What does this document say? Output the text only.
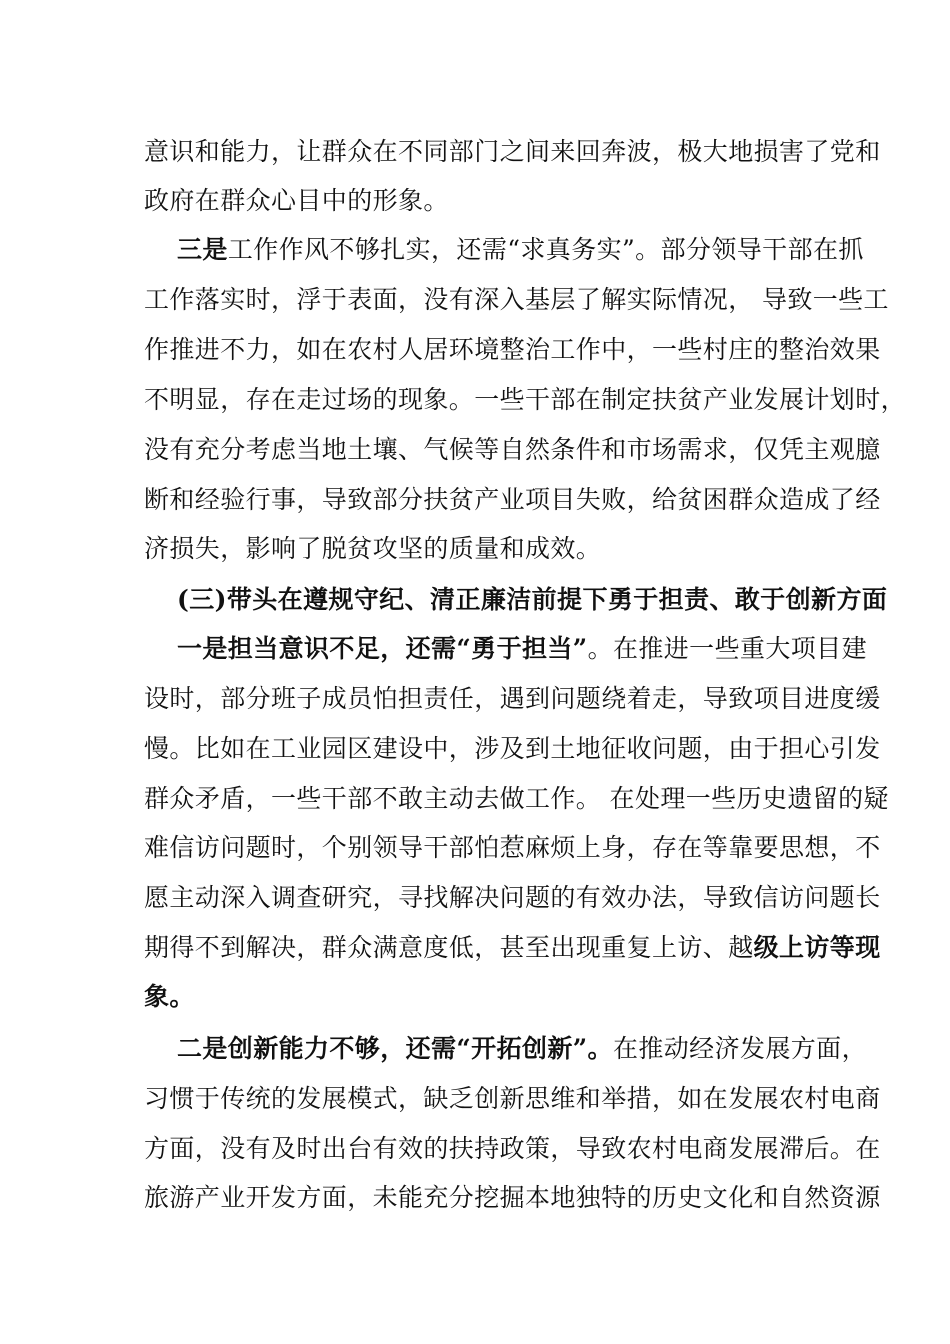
意识和能力，让群众在不同部门之间来回奔波，极大地损害了党和
政府在群众心目中的形象。
三是工作作风不够扎实，还需“求真务实”。部分领导干部在抓
工作落实时，浮于表面，没有深入基层了解实际情况， 导致一些工
作推进不力，如在农村人居环境整治工作中，一些村庄的整治效果
不明显，存在走过场的现象。一些干部在制定扶贫产业发展计划时，
没有充分考虑当地土壤、气候等自然条件和市场需求，仅凭主观臆
断和经验行事，导致部分扶贫产业项目失败，给贫困群众造成了经
济损失，影响了脱贫攻坚的质量和成效。
(三)带头在遵规守纪、清正廉洁前提下勇于担责、敢于创新方面
一是担当意识不足，还需“勇于担当”。在推进一些重大项目建
设时，部分班子成员怕担责任，遇到问题绕着走，导致项目进度缓
慢。比如在工业园区建设中，涉及到土地征收问题，由于担心引发
群众矛盾，一些干部不敢主动去做工作。 在处理一些历史遗留的疑
难信访问题时，个别领导干部怕惹麻烦上身，存在等靠要思想，不
愿主动深入调查研究，寻找解决问题的有效办法，导致信访问题长
期得不到解决，群众满意度低，甚至出现重复上访、越级上访等现
象。
二是创新能力不够，还需“开拓创新”。在推动经济发展方面，
习惯于传统的发展模式，缺乏创新思维和举措，如在发展农村电商
方面，没有及时出台有效的扶持政策，导致农村电商发展滞后。在
旅游产业开发方面，未能充分挖掘本地独特的历史文化和自然资源
